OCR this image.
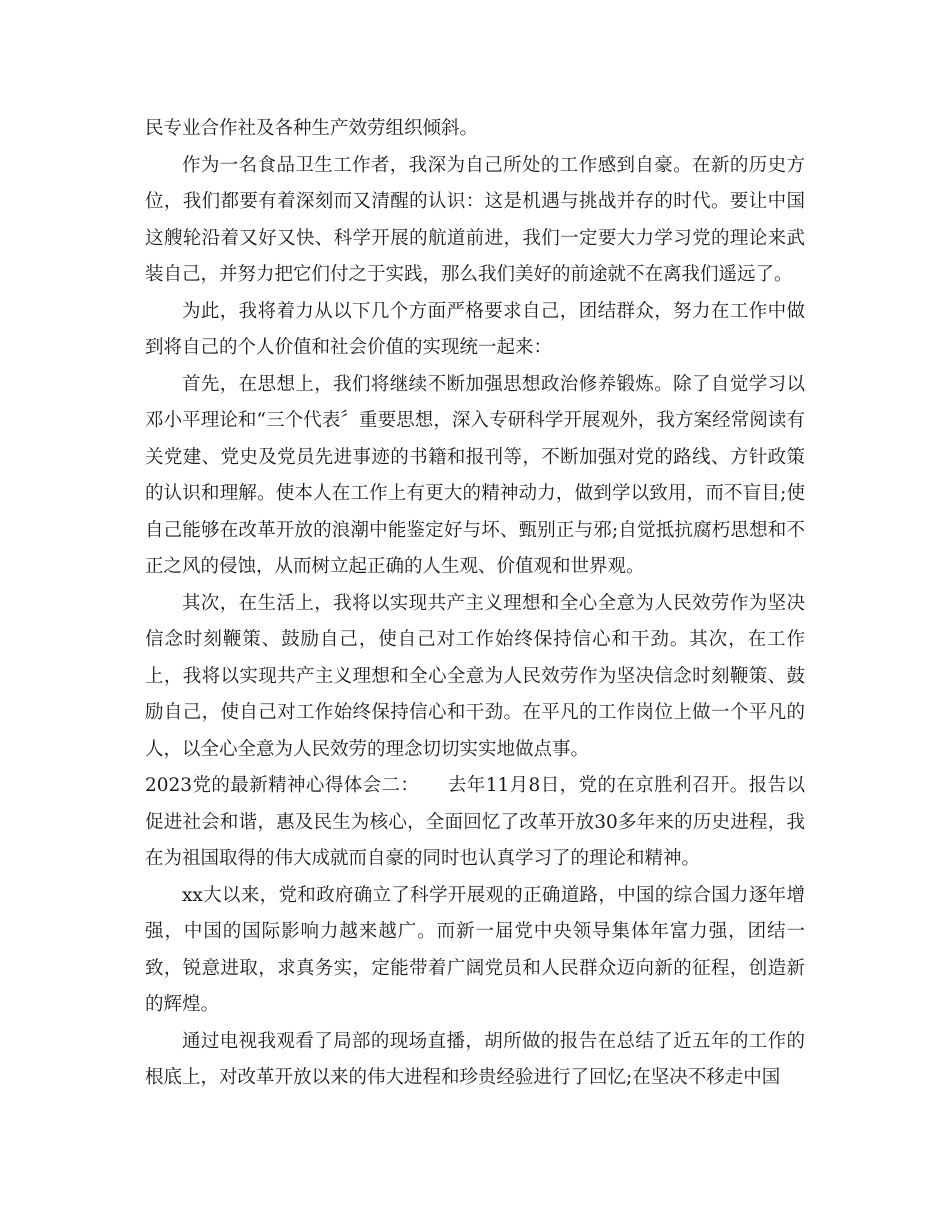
民专业合作社及各种生产效劳组织倾斜。

作为一名食品卫生工作者，我深为自己所处的工作感到自豪。在新的历史方位，我们都要有着深刻而又清醒的认识：这是机遇与挑战并存的时代。要让中国这艘轮沿着又好又快、科学开展的航道前进，我们一定要大力学习党的理论来武装自己，并努力把它们付之于实践，那么我们美好的前途就不在离我们遥远了。

为此，我将着力从以下几个方面严格要求自己，团结群众，努力在工作中做到将自己的个人价值和社会价值的实现统一起来：

首先，在思想上，我们将继续不断加强思想政治修养锻炼。除了自觉学习以邓小平理论和“三个代表〞重要思想，深入专研科学开展观外，我方案经常阅读有关党建、党史及党员先进事迹的书籍和报刊等，不断加强对党的路线、方针政策的认识和理解。使本人在工作上有更大的精神动力，做到学以致用，而不盲目;使自己能够在改革开放的浪潮中能鉴定好与坏、甄别正与邪;自觉抵抗腐朽思想和不正之风的侵蚀，从而树立起正确的人生观、价值观和世界观。

其次，在生活上，我将以实现共产主义理想和全心全意为人民效劳作为坚决信念时刻鞭策、鼓励自己，使自己对工作始终保持信心和干劲。其次，在工作上，我将以实现共产主义理想和全心全意为人民效劳作为坚决信念时刻鞭策、鼓励自己，使自己对工作始终保持信心和干劲。在平凡的工作岗位上做一个平凡的人，以全心全意为人民效劳的理念切切实实地做点事。

2023党的最新精神心得体会二：　　去年11月8日，党的在京胜利召开。报告以促进社会和谐，惠及民生为核心，全面回忆了改革开放30多年来的历史进程，我在为祖国取得的伟大成就而自豪的同时也认真学习了的理论和精神。

xx大以来，党和政府确立了科学开展观的正确道路，中国的综合国力逐年增强，中国的国际影响力越来越广。而新一届党中央领导集体年富力强，团结一致，锐意进取，求真务实，定能带着广阔党员和人民群众迈向新的征程，创造新的辉煌。

通过电视我观看了局部的现场直播，胡所做的报告在总结了近五年的工作的根底上，对改革开放以来的伟大进程和珍贵经验进行了回忆;在坚决不移走中国
